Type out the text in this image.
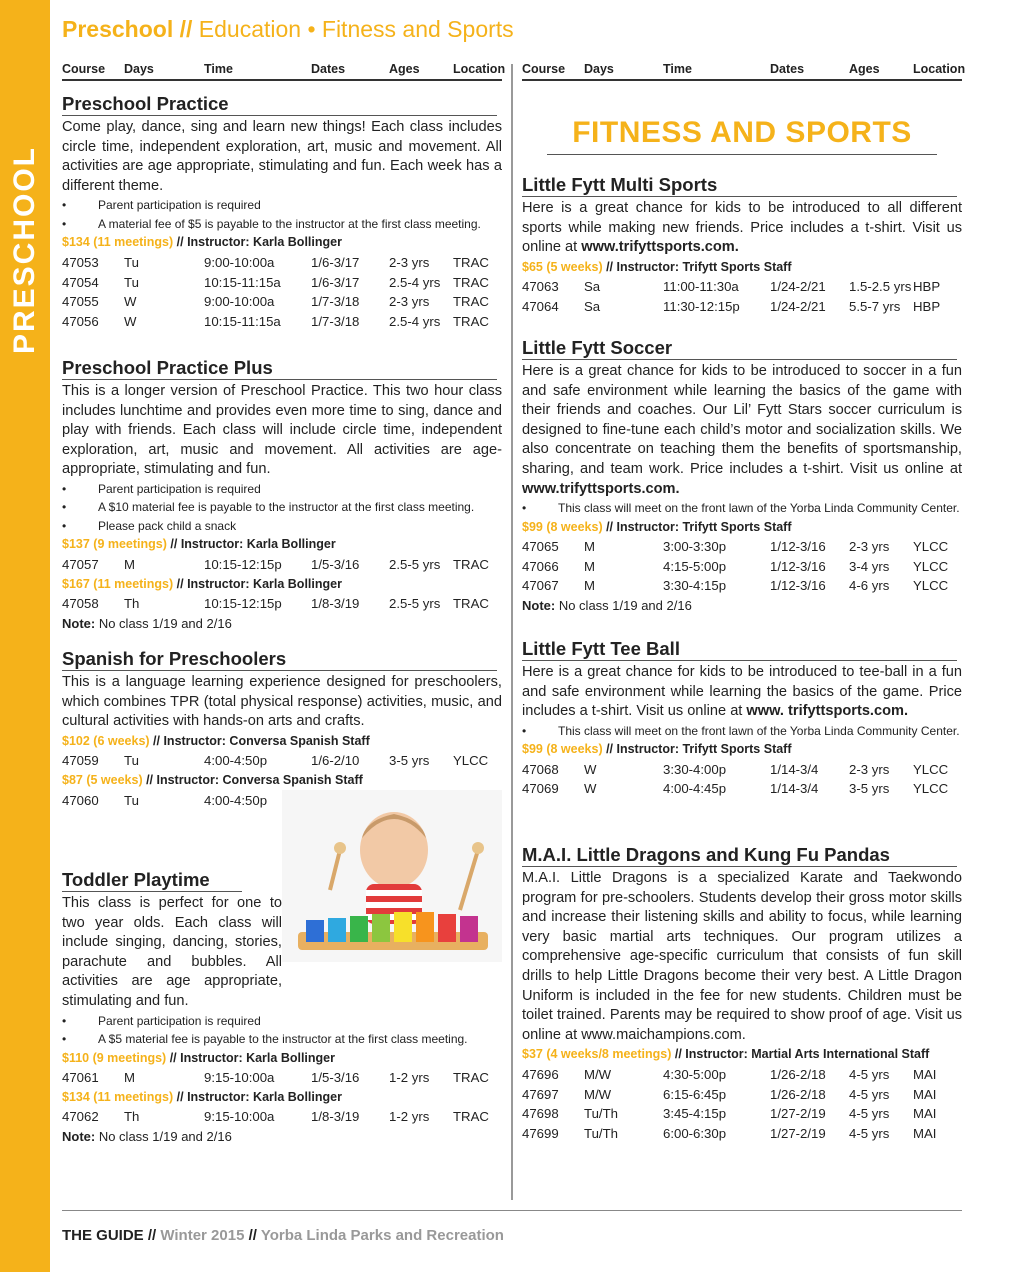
PRESCHOOL
Preschool // Education • Fitness and Sports
Course	Days	Time	Dates	Ages	Location
Preschool Practice

Come play, dance, sing and learn new things! Each class includes circle time, independent exploration, art, music and movement. All activities are age appropriate, stimulating and fun. Each week has a different theme.

•	Parent participation is required
•	A material fee of $5 is payable to the instructor at the first class meeting.
$134 (11 meetings) // Instructor: Karla Bollinger
47053	Tu	9:00-10:00a	1/6-3/17	2-3 yrs	TRAC
47054	Tu	10:15-11:15a	1/6-3/17	2.5-4 yrs TRAC
47055	W	9:00-10:00a	1/7-3/18	2-3 yrs	TRAC
47056	W	10:15-11:15a	1/7-3/18	2.5-4 yrs TRAC
Preschool Practice Plus

This is a longer version of Preschool Practice. This two hour class includes lunchtime and provides even more time to sing, dance and play with friends. Each class will include circle time, independent exploration, art, music and movement. All activities are age-appropriate, stimulating and fun.

•	Parent participation is required
•	A $10 material fee is payable to the instructor at the first class meeting.
•	Please pack child a snack
$137 (9 meetings) // Instructor: Karla Bollinger
47057	M	10:15-12:15p	1/5-3/16	2.5-5 yrs TRAC
$167 (11 meetings) // Instructor: Karla Bollinger
47058	Th	10:15-12:15p	1/8-3/19	2.5-5 yrs TRAC
Note: No class 1/19 and 2/16
Spanish for Preschoolers

This is a language learning experience designed for preschoolers, which combines TPR (total physical response) activities, music, and cultural activities with hands-on arts and crafts.

$102 (6 weeks) // Instructor: Conversa Spanish Staff
47059	Tu	4:00-4:50p	1/6-2/10	3-5 yrs	YLCC
$87 (5 weeks) // Instructor: Conversa Spanish Staff
47060	Tu	4:00-4:50p
Toddler Playtime

This class is perfect for one to two year olds. Each class will include singing, dancing, stories, parachute and bubbles. All activities are age appropriate, stimulating and fun.

•	Parent participation is required
•	A $5 material fee is payable to the instructor at the first class meeting.
$110 (9 meetings) // Instructor: Karla Bollinger
47061	M	9:15-10:00a	1/5-3/16	1-2 yrs	TRAC
$134 (11 meetings) // Instructor: Karla Bollinger
47062	Th	9:15-10:00a	1/8-3/19	1-2 yrs	TRAC
Note: No class 1/19 and 2/16
Course	Days	Time	Dates	Ages	Location
FITNESS AND SPORTS
Little Fytt Multi Sports

Here is a great chance for kids to be introduced to all different sports while making new friends. Price includes a t-shirt. Visit us online at www.trifyttsports.com.

$65 (5 weeks) // Instructor: Trifytt Sports Staff
47063	Sa	11:00-11:30a	1/24-2/21	1.5-2.5 yrs HBP
47064	Sa	11:30-12:15p	1/24-2/21	5.5-7 yrs HBP
Little Fytt Soccer

Here is a great chance for kids to be introduced to soccer in a fun and safe environment while learning the basics of the game with their friends and coaches. Our Lil’ Fytt Stars soccer curriculum is designed to fine-tune each child’s motor and socialization skills. We also concentrate on teaching them the benefits of sportsmanship, sharing, and team work. Price includes a t-shirt. Visit us online at www.trifyttsports.com.

•	This class will meet on the front lawn of the Yorba Linda Community Center.
$99 (8 weeks) // Instructor: Trifytt Sports Staff
47065	M	3:00-3:30p	1/12-3/16	2-3 yrs	YLCC
47066	M	4:15-5:00p	1/12-3/16	3-4 yrs	YLCC
47067	M	3:30-4:15p	1/12-3/16	4-6 yrs	YLCC
Note: No class 1/19 and 2/16
Little Fytt Tee Ball

Here is a great chance for kids to be introduced to tee-ball in a fun and safe environment while learning the basics of the game. Price includes a t-shirt. Visit us online at www. trifyttsports.com.

•	This class will meet on the front lawn of the Yorba Linda Community Center.
$99 (8 weeks) // Instructor: Trifytt Sports Staff
47068	W	3:30-4:00p	1/14-3/4	2-3 yrs	YLCC
47069	W	4:00-4:45p	1/14-3/4	3-5 yrs	YLCC
M.A.I. Little Dragons and Kung Fu Pandas

M.A.I. Little Dragons is a specialized Karate and Taekwondo program for pre-schoolers. Students develop their gross motor skills and increase their listening skills and ability to focus, while learning very basic martial arts techniques. Our program utilizes a comprehensive age-specific curriculum that consists of fun skill drills to help Little Dragons become their very best. A Little Dragon Uniform is included in the fee for new students. Children must be toilet trained. Parents may be required to show proof of age. Visit us online at www.maichampions.com.

$37 (4 weeks/8 meetings) // Instructor: Martial Arts International Staff
47696	M/W	4:30-5:00p	1/26-2/18	4-5 yrs	MAI
47697	M/W	6:15-6:45p	1/26-2/18	4-5 yrs	MAI
47698	Tu/Th	3:45-4:15p	1/27-2/19	4-5 yrs	MAI
47699	Tu/Th	6:00-6:30p	1/27-2/19	4-5 yrs	MAI
14 THE GUIDE // Winter 2015 // Yorba Linda Parks and Recreation
